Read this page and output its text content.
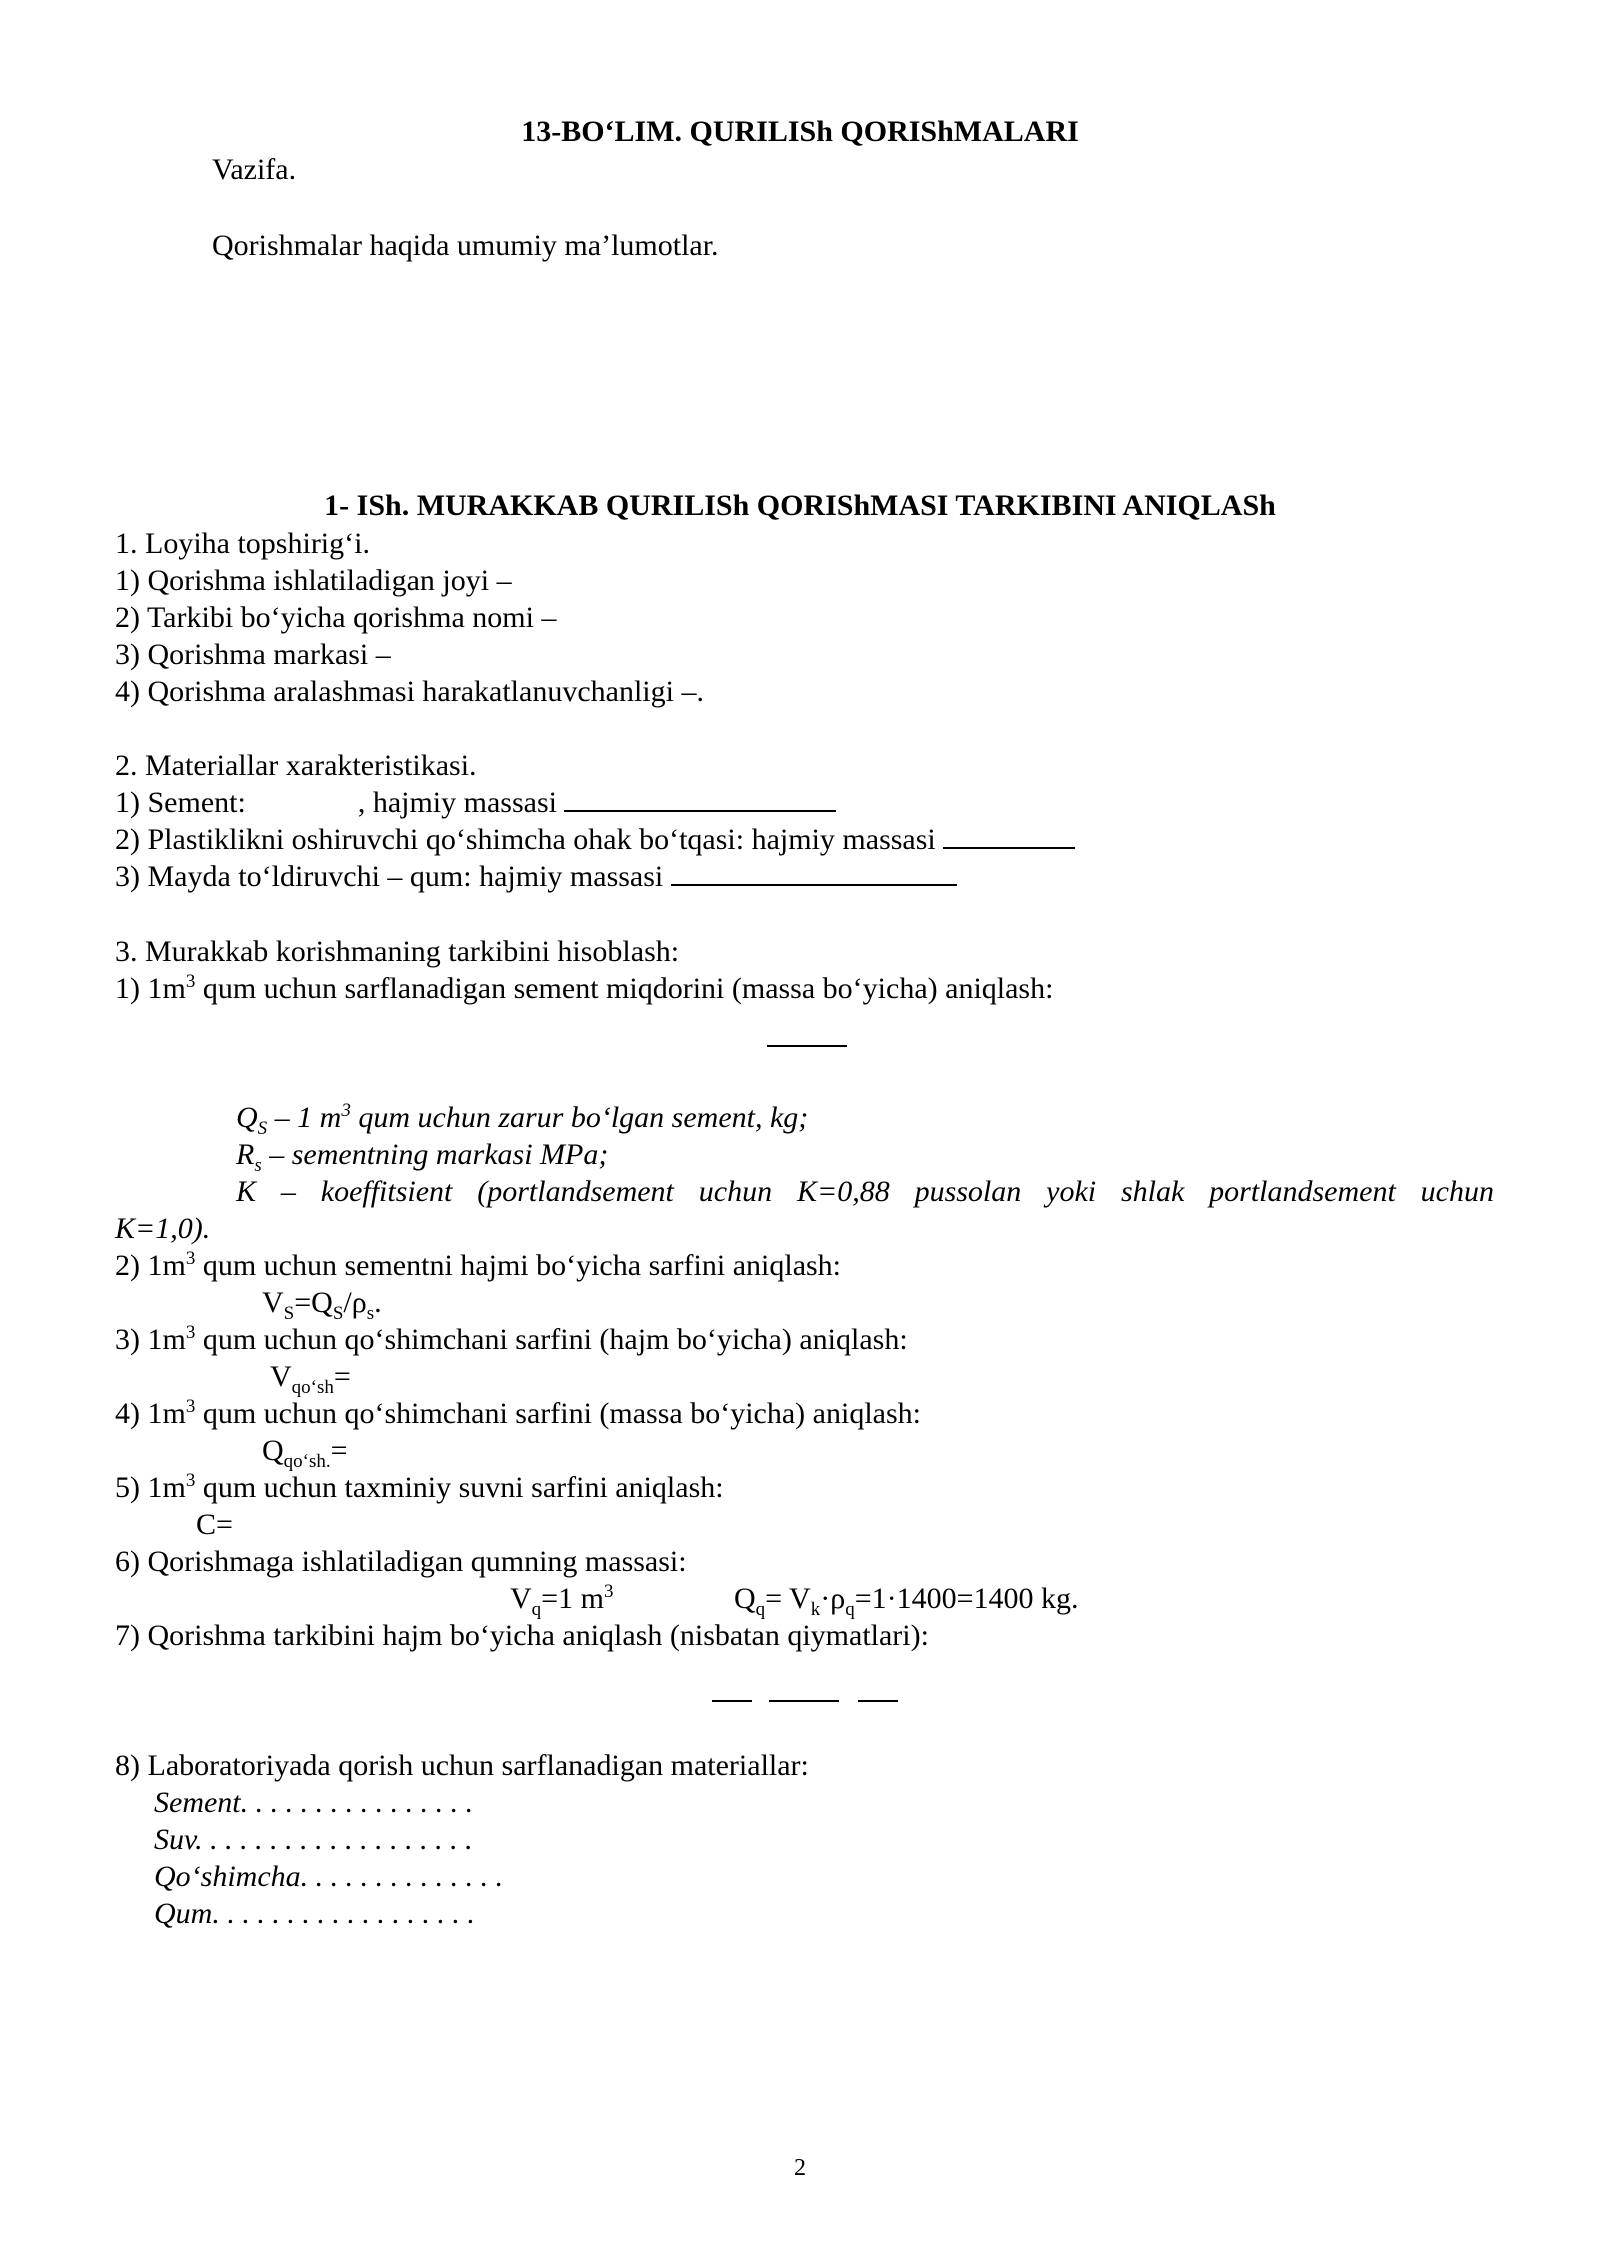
13-BO‘LIM. QURILISh QORIShMALARI
Vazifa.
Qorishmalar haqida umumiy ma’lumotlar.
1- ISh. MURAKKAB QURILISh QORIShMASI TARKIBINI ANIQLASh
1. Loyiha topshirig‘i.
1) Qorishma ishlatiladigan joyi –
2) Tarkibi bo‘yicha qorishma nomi –
3) Qorishma markasi –
4) Qorishma aralashmasi harakatlanuvchanligi –.
2. Materiallar xarakteristikasi.
1) Sement:	, hajmiy massasi
2) Plastiklikni oshiruvchi qo‘shimcha ohak bo‘tqasi: hajmiy massasi
3) Mayda to‘ldiruvchi – qum: hajmiy massasi
3. Murakkab korishmaning tarkibini hisoblash:
1) $1m^3$ qum uchun sarflanadigan sement miqdorini (massa bo‘yicha) aniqlash:
$Q_S - 1$ $m^3$ qum uchun zarur bo‘lgan sement, kg;
$R_s$ – sementning markasi MPa;
K – koeffitsient (portlandsement uchun K=0,88 pussolan yoki shlak portlandsement uchun
K=1,0).
2) $1m^3$ qum uchun sementni hajmi bo‘yicha sarfini aniqlash:
$V_S=Q_S/\rho_s$.
3) $1m^3$ qum uchun qo‘shimchani sarfini (hajm bo‘yicha) aniqlash:
$V_{qo‘sh}=$
4) $1m^3$ qum uchun qo‘shimchani sarfini (massa bo‘yicha) aniqlash:
$Q_{qo‘sh.}=$
5) $1m^3$ qum uchun taxminiy suvni sarfini aniqlash:
C=
6) Qorishmaga ishlatiladigan qumning massasi:
$V_q=1$ $m^3$	$Q_q= V_k\cdot\rho_q=1\cdot 1400=1400$ kg.
7) Qorishma tarkibini hajm bo‘yicha aniqlash (nisbatan qiymatlari):
8) Laboratoriyada qorish uchun sarflanadigan materiallar:
Sement. . . . . . . . . . . . . . . .
Suv. . . . . . . . . . . . . . . . . . .
Qo‘shimcha. . . . . . . . . . . . . .
Qum. . . . . . . . . . . . . . . . . .
2
